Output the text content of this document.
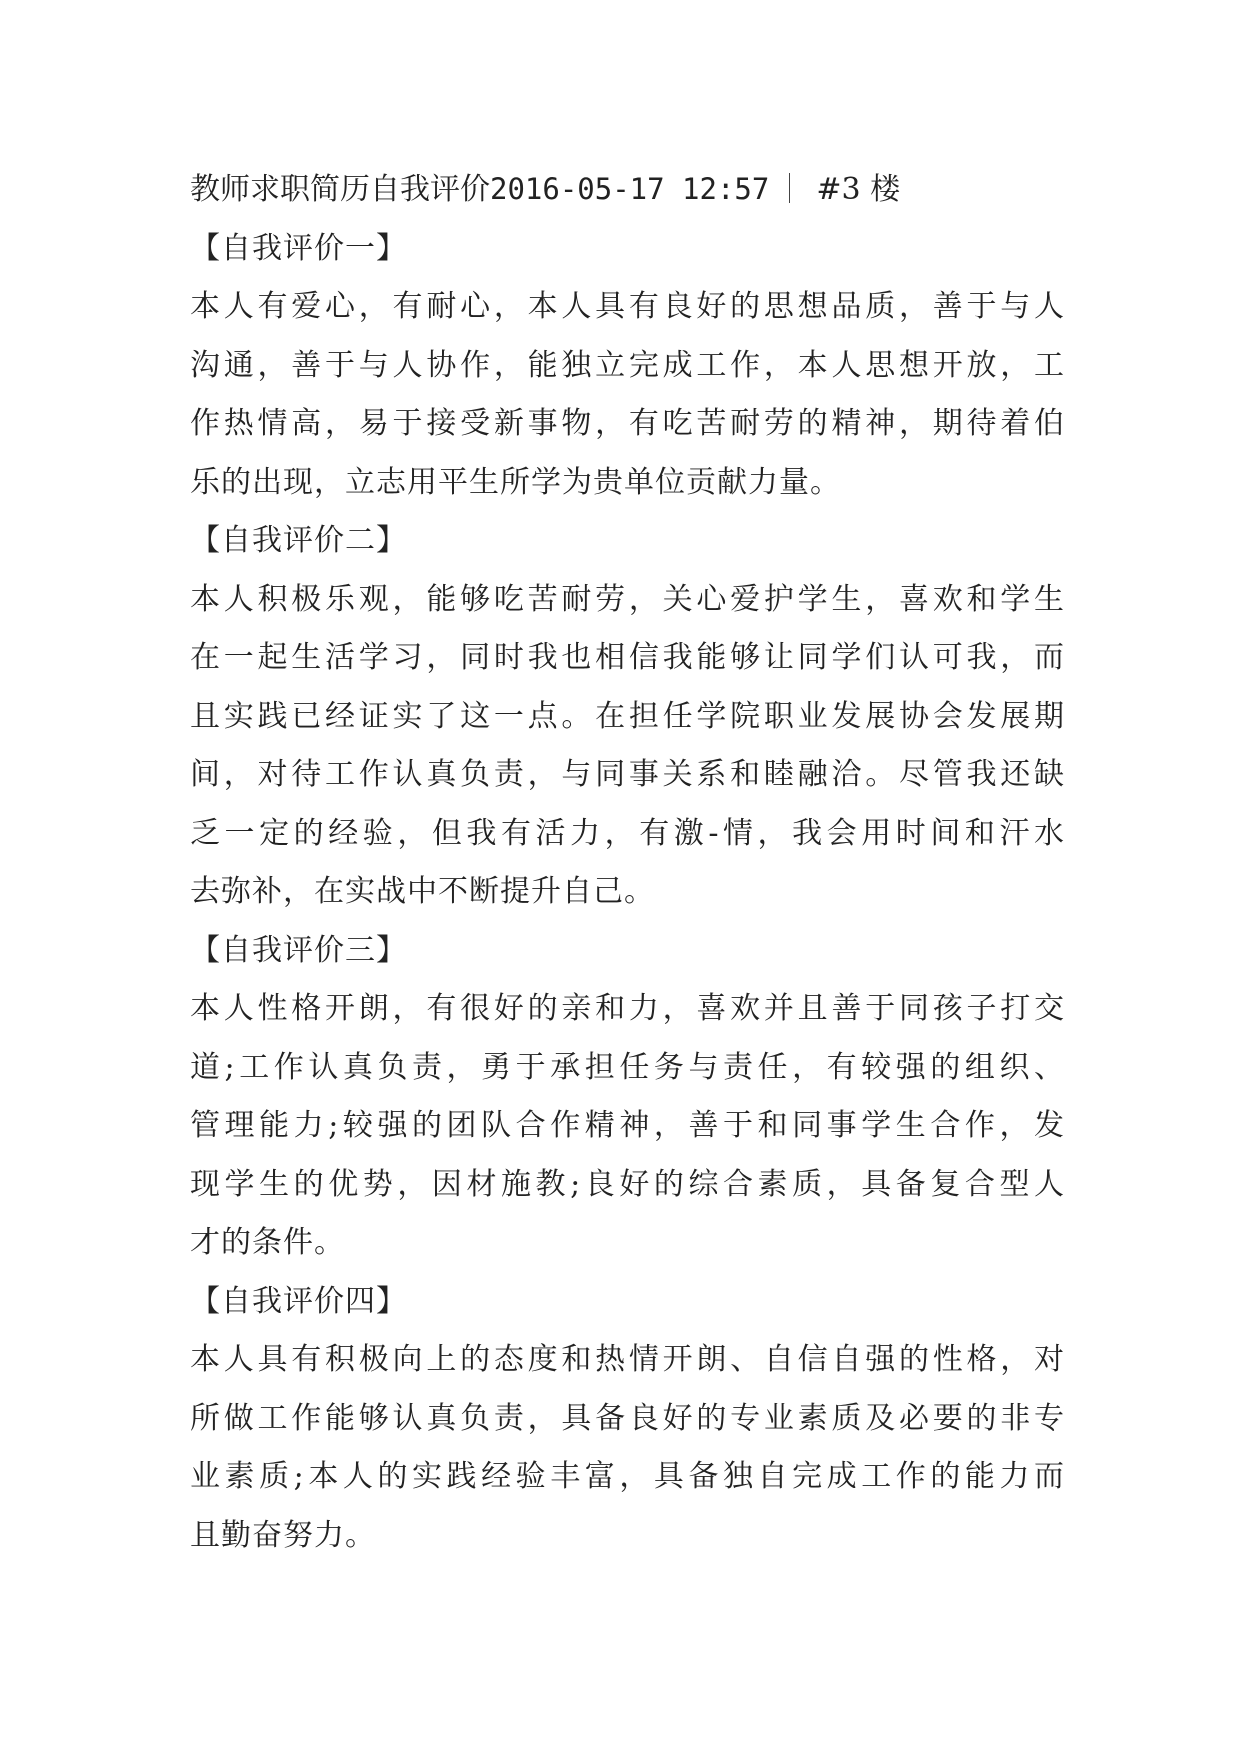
教师求职简历自我评价2016-05-17 12:57 #3 楼

【自我评价一】

本人有爱心，有耐心，本人具有良好的思想品质，善于与人

沟通，善于与人协作，能独立完成工作，本人思想开放，工

作热情高，易于接受新事物，有吃苦耐劳的精神，期待着伯

乐的出现，立志用平生所学为贵单位贡献力量。

【自我评价二】

本人积极乐观，能够吃苦耐劳，关心爱护学生，喜欢和学生

在一起生活学习，同时我也相信我能够让同学们认可我，而

且实践已经证实了这一点。在担任学院职业发展协会发展期

间，对待工作认真负责，与同事关系和睦融洽。尽管我还缺

乏一定的经验，但我有活力，有激-情，我会用时间和汗水

去弥补，在实战中不断提升自己。

【自我评价三】

本人性格开朗，有很好的亲和力，喜欢并且善于同孩子打交

道;工作认真负责，勇于承担任务与责任，有较强的组织、

管理能力;较强的团队合作精神，善于和同事学生合作，发

现学生的优势，因材施教;良好的综合素质，具备复合型人

才的条件。

【自我评价四】

本人具有积极向上的态度和热情开朗、自信自强的性格，对

所做工作能够认真负责，具备良好的专业素质及必要的非专

业素质;本人的实践经验丰富，具备独自完成工作的能力而

且勤奋努力。
